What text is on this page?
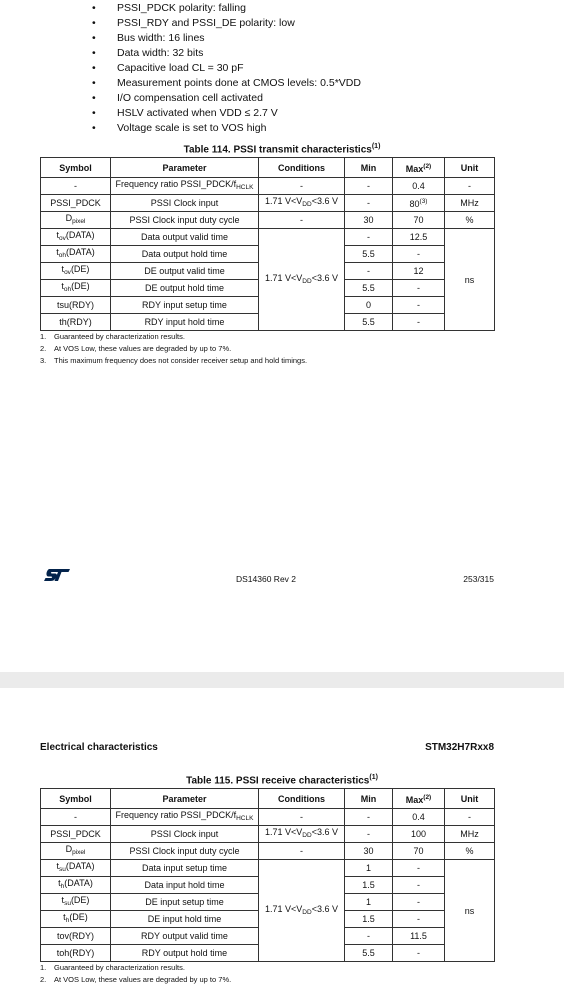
PSSI_PDCK polarity: falling
PSSI_RDY and PSSI_DE polarity: low
Bus width: 16 lines
Data width: 32 bits
Capacitive load CL = 30 pF
Measurement points done at CMOS levels: 0.5*VDD
I/O compensation cell activated
HSLV activated when VDD ≤ 2.7 V
Voltage scale is set to VOS high
Table 114. PSSI transmit characteristics$^{(1)}$
Symbol	Parameter	Conditions	Min	Max$^{(2)}$	Unit
-	Frequency ratio $PSSI\_PDCK/f_{HCLK}$	-	-	0.4	-
PSSI_PDCK	PSSI Clock input	1.71 $V<V_{DD}<3.6$ V	-	80$^{(3)}$	MHz
$D_{pixel}$	PSSI Clock input duty cycle	-	30	70	%
$t_{ov}(DATA)$	Data output valid time	1.71 $V<V_{DD}<3.6$ V	-	12.5	ns
$t_{oh}(DATA)$	Data output hold time		5.5	-	
$t_{ov}(DE)$	DE output valid time		-	12	
$t_{oh}(DE)$	DE output hold time		5.5	-	
tsu(RDY)	RDY input setup time		0	-	
th(RDY)	RDY input hold time		5.5	-	
1. Guaranteed by characterization results.
2. At VOS Low, these values are degraded by up to 7%.
3. This maximum frequency does not consider receiver setup and hold timings.
DS14360 Rev 2	253/315
Electrical characteristics	STM32H7Rxx8
Table 115. PSSI receive characteristics$^{(1)}$
Symbol	Parameter	Conditions	Min	Max$^{(2)}$	Unit
-	Frequency ratio $PSSI\_PDCK/f_{HCLK}$	-	-	0.4	-
PSSI_PDCK	PSSI Clock input	1.71 $V<V_{DD}<3.6$ V	-	100	MHz
$D_{pixel}$	PSSI Clock input duty cycle	-	30	70	%
$t_{su}(DATA)$	Data input setup time	1.71 $V<V_{DD}<3.6$ V	1	-	ns
$t_h(DATA)$	Data input hold time		1.5	-	
$t_{su}(DE)$	DE input setup time		1	-	
$t_h(DE)$	DE input hold time		1.5	-	
tov(RDY)	RDY output valid time		-	11.5	
toh(RDY)	RDY output hold time		5.5	-	
1. Guaranteed by characterization results.
2. At VOS Low, these values are degraded by up to 7%.
